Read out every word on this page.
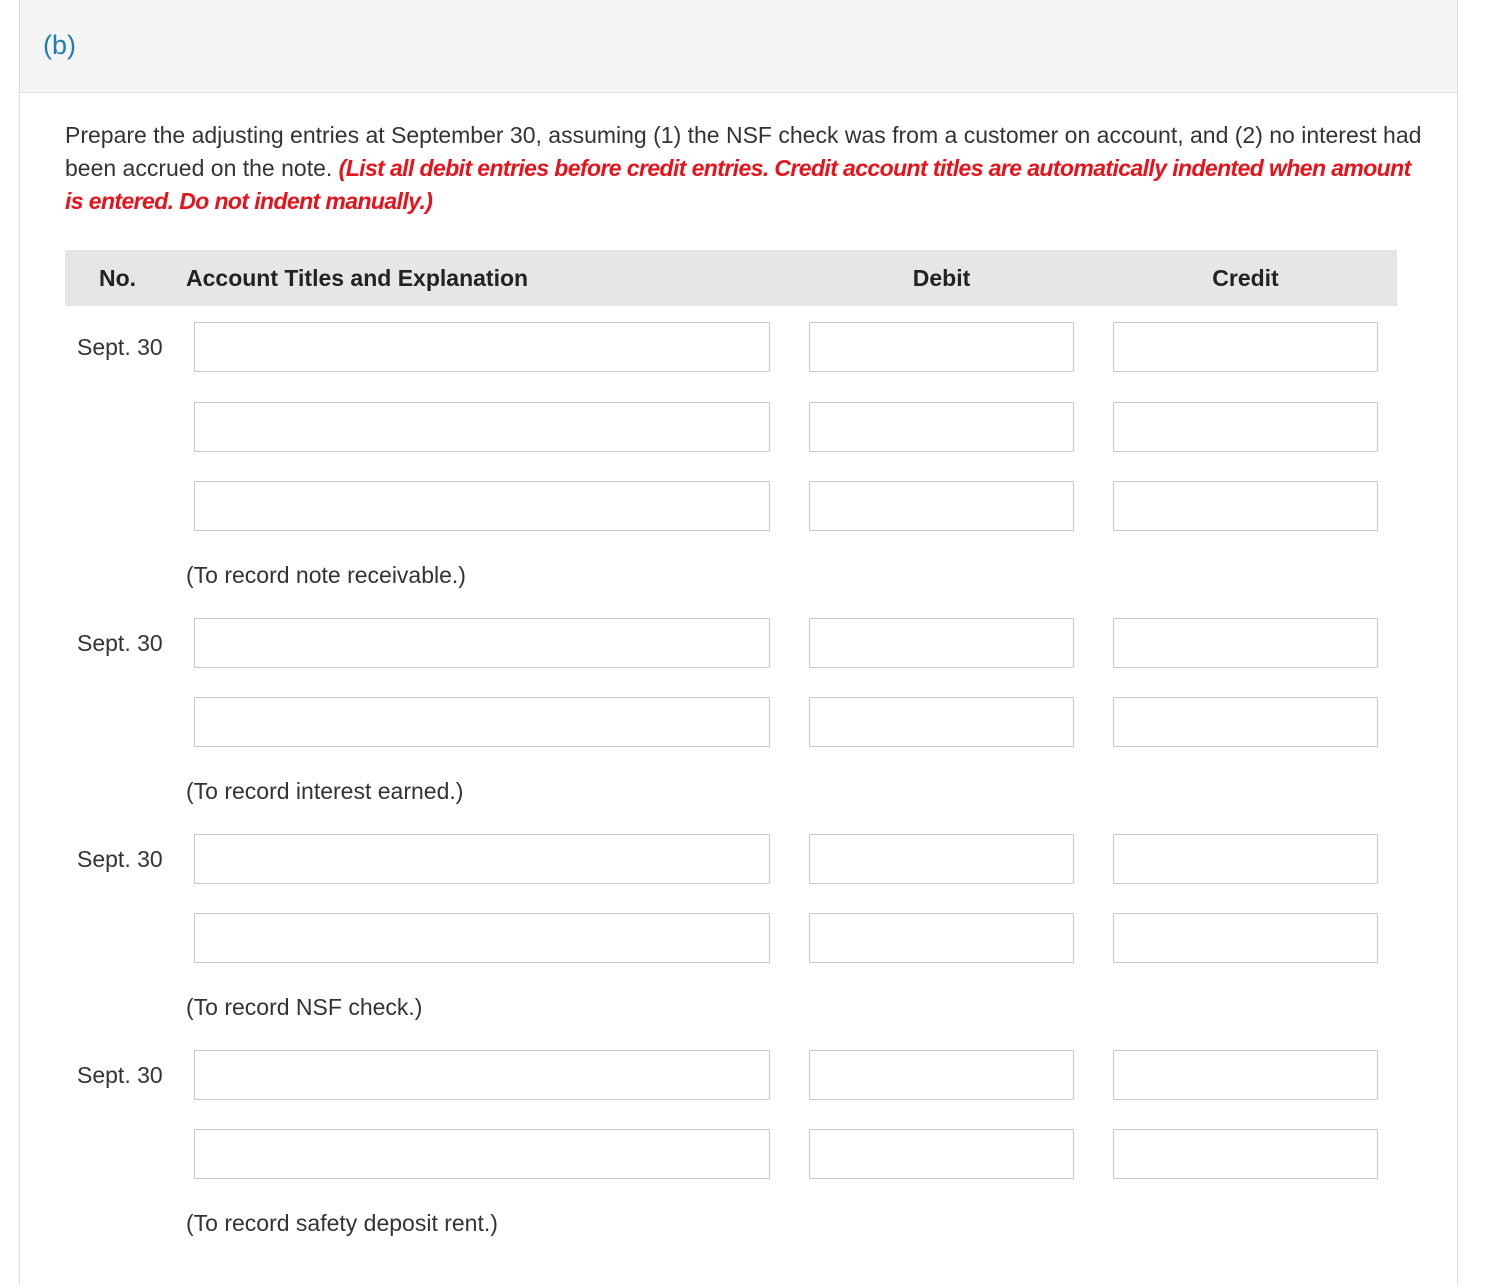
(b)
Prepare the adjusting entries at September 30, assuming (1) the NSF check was from a customer on account, and (2) no interest had been accrued on the note. (List all debit entries before credit entries. Credit account titles are automatically indented when amount is entered. Do not indent manually.)
No. Account Titles and Explanation	Debit	Credit
Sept. 30
(To record note receivable.)
Sept. 30
(To record interest earned.)
Sept. 30
(To record NSF check.)
Sept. 30
(To record safety deposit rent.)
